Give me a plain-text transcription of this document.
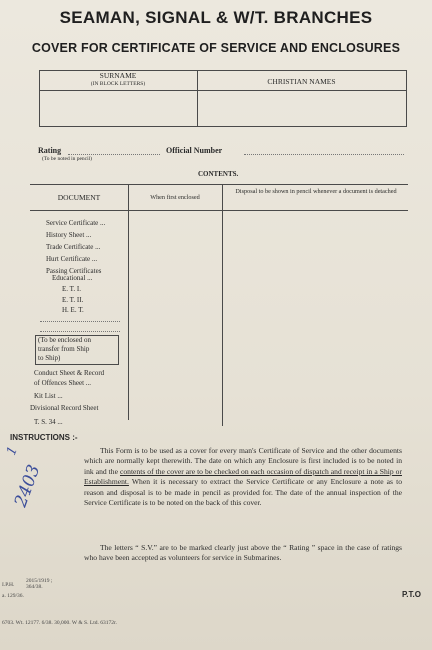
SEAMAN, SIGNAL & W/T. BRANCHES
COVER FOR CERTIFICATE OF SERVICE AND ENCLOSURES
SURNAME
(IN BLOCK LETTERS)	CHRISTIAN NAMES
Rating
(To be noted in pencil)
Official Number
CONTENTS.
DOCUMENT	When first enclosed
Disposal to be shown in pencil whenever a document is detached
Service Certificate ...
History Sheet ...
Trade Certificate ...
Hurt Certificate ...
Passing Certificates
Educational ...
E. T. I.
E. T. II.
H. E. T.
(To be enclosed on
transfer from Ship
to Ship)
Conduct Sheet & Record
of Offences Sheet ...
Kit List ...
Divisional Record Sheet
T. S. 34 ...
INSTRUCTIONS :-
This Form is to be used as a cover for every man's Certificate of Service and the other documents which are normally kept therewith. The date on which any Enclosure is first included is to be noted in ink and the contents of the cover are to be checked on each occasion of dispatch and receipt in a Ship or Establishment. When it is necessary to extract the Service Certificate or any Enclosure a note as to reason and disposal is to be made in pencil as provided for. The date of the annual inspection of the Service Certificate is to be noted on the back of this cover.
The letters “ S.V.” are to be marked clearly just above the “ Rating ” space in the case of ratings who have been accepted as volunteers for service in Submarines.
1
2403
P.T.O
I.P.H.
2015/1919 ; 364/38.
a. 129/36.
6703. Wt. 12177. 6/38. 30,000. W & S. Ltd. 63172r.
